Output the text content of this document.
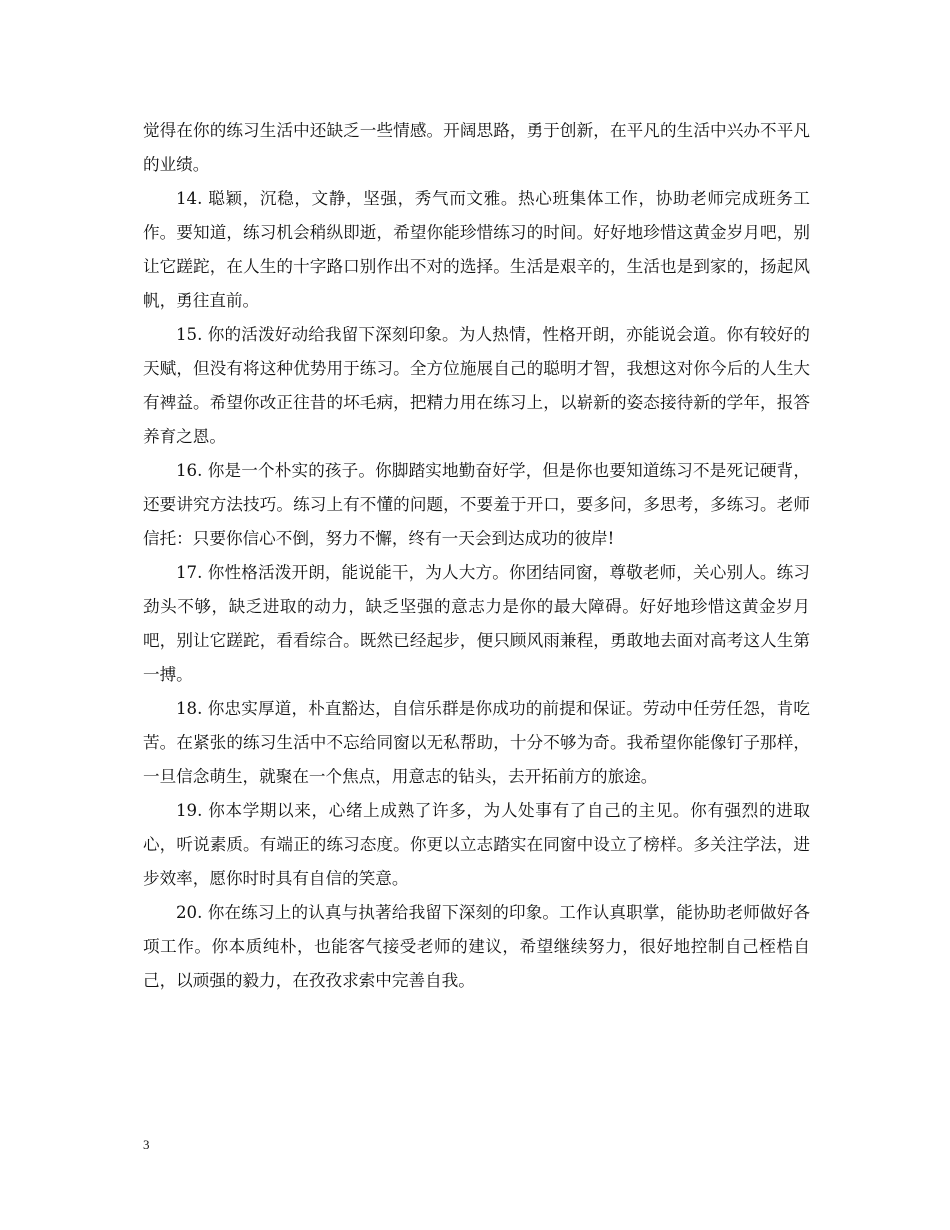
觉得在你的练习生活中还缺乏一些情感。开阔思路，勇于创新，在平凡的生活中兴办不平凡的业绩。

14. 聪颖，沉稳，文静，坚强，秀气而文雅。热心班集体工作，协助老师完成班务工作。要知道，练习机会稍纵即逝，希望你能珍惜练习的时间。好好地珍惜这黄金岁月吧，别让它蹉跎，在人生的十字路口别作出不对的选择。生活是艰辛的，生活也是到家的，扬起风帆，勇往直前。

15. 你的活泼好动给我留下深刻印象。为人热情，性格开朗，亦能说会道。你有较好的天赋，但没有将这种优势用于练习。全方位施展自己的聪明才智，我想这对你今后的人生大有裨益。希望你改正往昔的坏毛病，把精力用在练习上，以崭新的姿态接待新的学年，报答养育之恩。

16. 你是一个朴实的孩子。你脚踏实地勤奋好学，但是你也要知道练习不是死记硬背，还要讲究方法技巧。练习上有不懂的问题，不要羞于开口，要多问，多思考，多练习。老师信托：只要你信心不倒，努力不懈，终有一天会到达成功的彼岸!

17. 你性格活泼开朗，能说能干，为人大方。你团结同窗，尊敬老师，关心别人。练习劲头不够，缺乏进取的动力，缺乏坚强的意志力是你的最大障碍。好好地珍惜这黄金岁月吧，别让它蹉跎，看看综合。既然已经起步，便只顾风雨兼程，勇敢地去面对高考这人生第一搏。

18. 你忠实厚道，朴直豁达，自信乐群是你成功的前提和保证。劳动中任劳任怨，肯吃苦。在紧张的练习生活中不忘给同窗以无私帮助，十分不够为奇。我希望你能像钉子那样，一旦信念萌生，就聚在一个焦点，用意志的钻头，去开拓前方的旅途。

19. 你本学期以来，心绪上成熟了许多，为人处事有了自己的主见。你有强烈的进取心，听说素质。有端正的练习态度。你更以立志踏实在同窗中设立了榜样。多关注学法，进步效率，愿你时时具有自信的笑意。

20. 你在练习上的认真与执著给我留下深刻的印象。工作认真职掌，能协助老师做好各项工作。你本质纯朴，也能客气接受老师的建议，希望继续努力，很好地控制自己桎梏自己，以顽强的毅力，在孜孜求索中完善自我。

3
